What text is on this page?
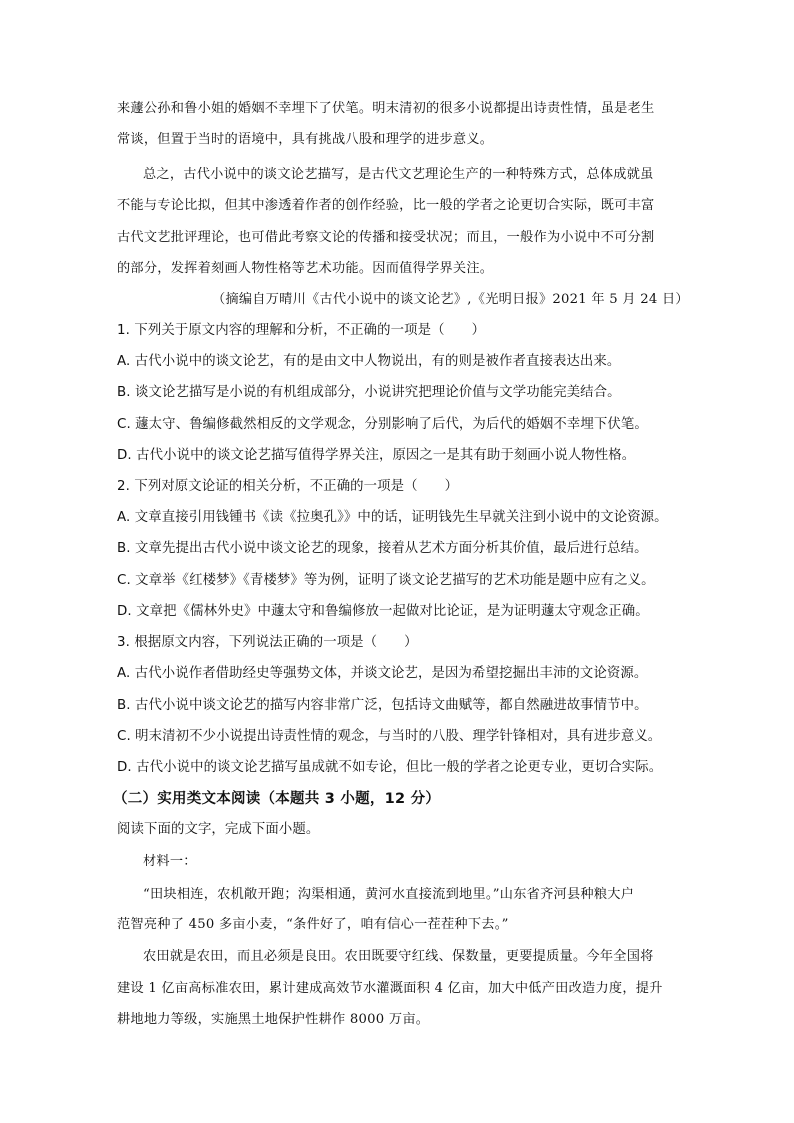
来蘧公孙和鲁小姐的婚姻不幸埋下了伏笔。明末清初的很多小说都提出诗责性情，虽是老生
常谈，但置于当时的语境中，具有挑战八股和理学的进步意义。
总之，古代小说中的谈文论艺描写，是古代文艺理论生产的一种特殊方式，总体成就虽
不能与专论比拟，但其中渗透着作者的创作经验，比一般的学者之论更切合实际，既可丰富
古代文艺批评理论，也可借此考察文论的传播和接受状况；而且，一般作为小说中不可分割
的部分，发挥着刻画人物性格等艺术功能。因而值得学界关注。
（摘编自万晴川《古代小说中的谈文论艺》,《光明日报》2021 年 5 月 24 日）
1. 下列关于原文内容的理解和分析，不正确的一项是（　　）
A. 古代小说中的谈文论艺，有的是由文中人物说出，有的则是被作者直接表达出来。
B. 谈文论艺描写是小说的有机组成部分，小说讲究把理论价值与文学功能完美结合。
C. 蘧太守、鲁编修截然相反的文学观念，分别影响了后代，为后代的婚姻不幸埋下伏笔。
D. 古代小说中的谈文论艺描写值得学界关注，原因之一是其有助于刻画小说人物性格。
2. 下列对原文论证的相关分析，不正确的一项是（　　）
A. 文章直接引用钱锺书《读《拉奥孔》》中的话，证明钱先生早就关注到小说中的文论资源。
B. 文章先提出古代小说中谈文论艺的现象，接着从艺术方面分析其价值，最后进行总结。
C. 文章举《红楼梦》《青楼梦》等为例，证明了谈文论艺描写的艺术功能是题中应有之义。
D. 文章把《儒林外史》中蘧太守和鲁编修放一起做对比论证，是为证明蘧太守观念正确。
3. 根据原文内容，下列说法正确的一项是（　　）
A. 古代小说作者借助经史等强势文体，并谈文论艺，是因为希望挖掘出丰沛的文论资源。
B. 古代小说中谈文论艺的描写内容非常广泛，包括诗文曲赋等，都自然融进故事情节中。
C. 明末清初不少小说提出诗责性情的观念，与当时的八股、理学针锋相对，具有进步意义。
D. 古代小说中的谈文论艺描写虽成就不如专论，但比一般的学者之论更专业，更切合实际。
（二）实用类文本阅读（本题共 3 小题，12 分）
阅读下面的文字，完成下面小题。
材料一：
“田块相连，农机敞开跑；沟渠相通，黄河水直接流到地里。”山东省齐河县种粮大户
范智亮种了 450 多亩小麦，“条件好了，咱有信心一茬茬种下去。”
农田就是农田，而且必须是良田。农田既要守红线、保数量，更要提质量。今年全国将
建设 1 亿亩高标准农田，累计建成高效节水灌溉面积 4 亿亩，加大中低产田改造力度，提升
耕地地力等级，实施黑土地保护性耕作 8000 万亩。
